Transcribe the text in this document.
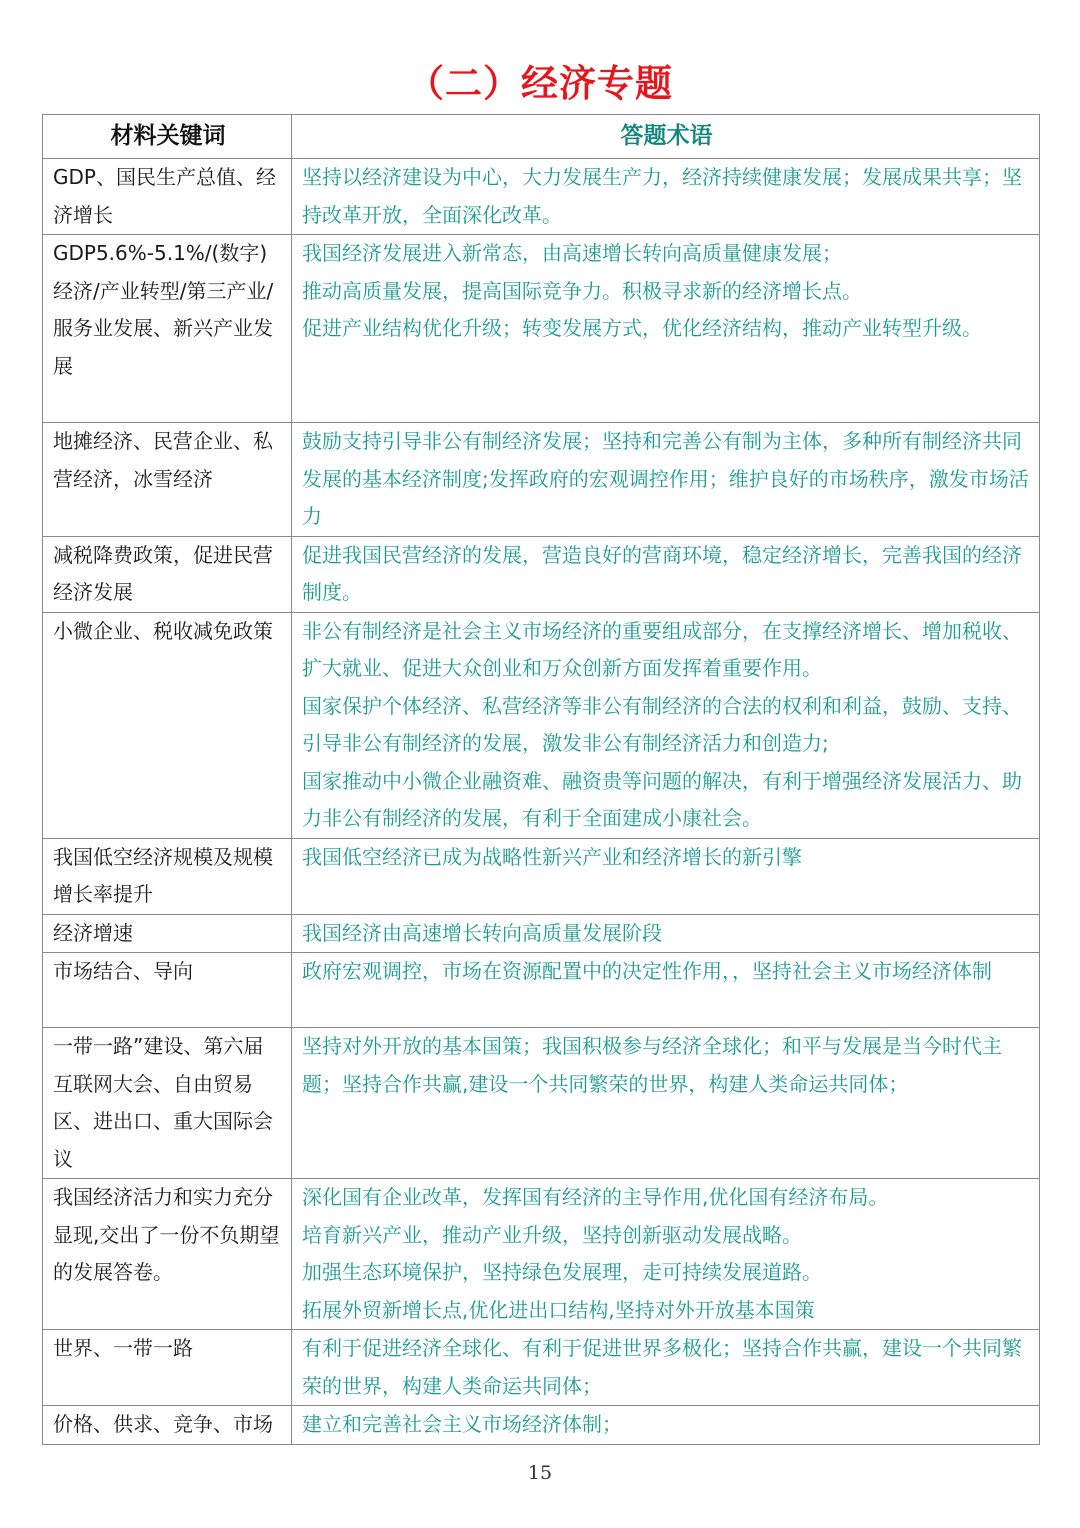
（二）经济专题
材料关键词	答题术语

GDP、国民生产总值、经济增长	坚持以经济建设为中心，大力发展生产力，经济持续健康发展；发展成果共享；坚持改革开放，全面深化改革。

GDP5.6%-5.1%/(数字)经济/产业转型/第三产业/服务业发展、新兴产业发展	我国经济发展进入新常态，由高速增长转向高质量健康发展；
推动高质量发展，提高国际竞争力。积极寻求新的经济增长点。
促进产业结构优化升级；转变发展方式，优化经济结构，推动产业转型升级。

地摊经济、民营企业、私营经济，冰雪经济	鼓励支持引导非公有制经济发展；坚持和完善公有制为主体，多种所有制经济共同发展的基本经济制度;发挥政府的宏观调控作用；维护良好的市场秩序，激发市场活力

减税降费政策，促进民营经济发展	促进我国民营经济的发展，营造良好的营商环境，稳定经济增长，完善我国的经济制度。

小微企业、税收减免政策	非公有制经济是社会主义市场经济的重要组成部分，在支撑经济增长、增加税收、扩大就业、促进大众创业和万众创新方面发挥着重要作用。
国家保护个体经济、私营经济等非公有制经济的合法的权利和利益，鼓励、支持、引导非公有制经济的发展，激发非公有制经济活力和创造力;
国家推动中小微企业融资难、融资贵等问题的解决，有利于增强经济发展活力、助力非公有制经济的发展，有利于全面建成小康社会。

我国低空经济规模及规模增长率提升	我国低空经济已成为战略性新兴产业和经济增长的新引擎

经济增速	我国经济由高速增长转向高质量发展阶段

市场结合、导向	政府宏观调控，市场在资源配置中的决定性作用，，坚持社会主义市场经济体制

一带一路”建设、第六届互联网大会、自由贸易区、进出口、重大国际会议	坚持对外开放的基本国策；我国积极参与经济全球化；和平与发展是当今时代主题；坚持合作共赢,建设一个共同繁荣的世界，构建人类命运共同体；

我国经济活力和实力充分显现,交出了一份不负期望的发展答卷。	深化国有企业改革，发挥国有经济的主导作用,优化国有经济布局。
培育新兴产业，推动产业升级，坚持创新驱动发展战略。
加强生态环境保护，坚持绿色发展理，走可持续发展道路。
拓展外贸新增长点,优化进出口结构,坚持对外开放基本国策

世界、一带一路	有利于促进经济全球化、有利于促进世界多极化；坚持合作共赢，建设一个共同繁荣的世界，构建人类命运共同体；

价格、供求、竞争、市场	建立和完善社会主义市场经济体制；
15
